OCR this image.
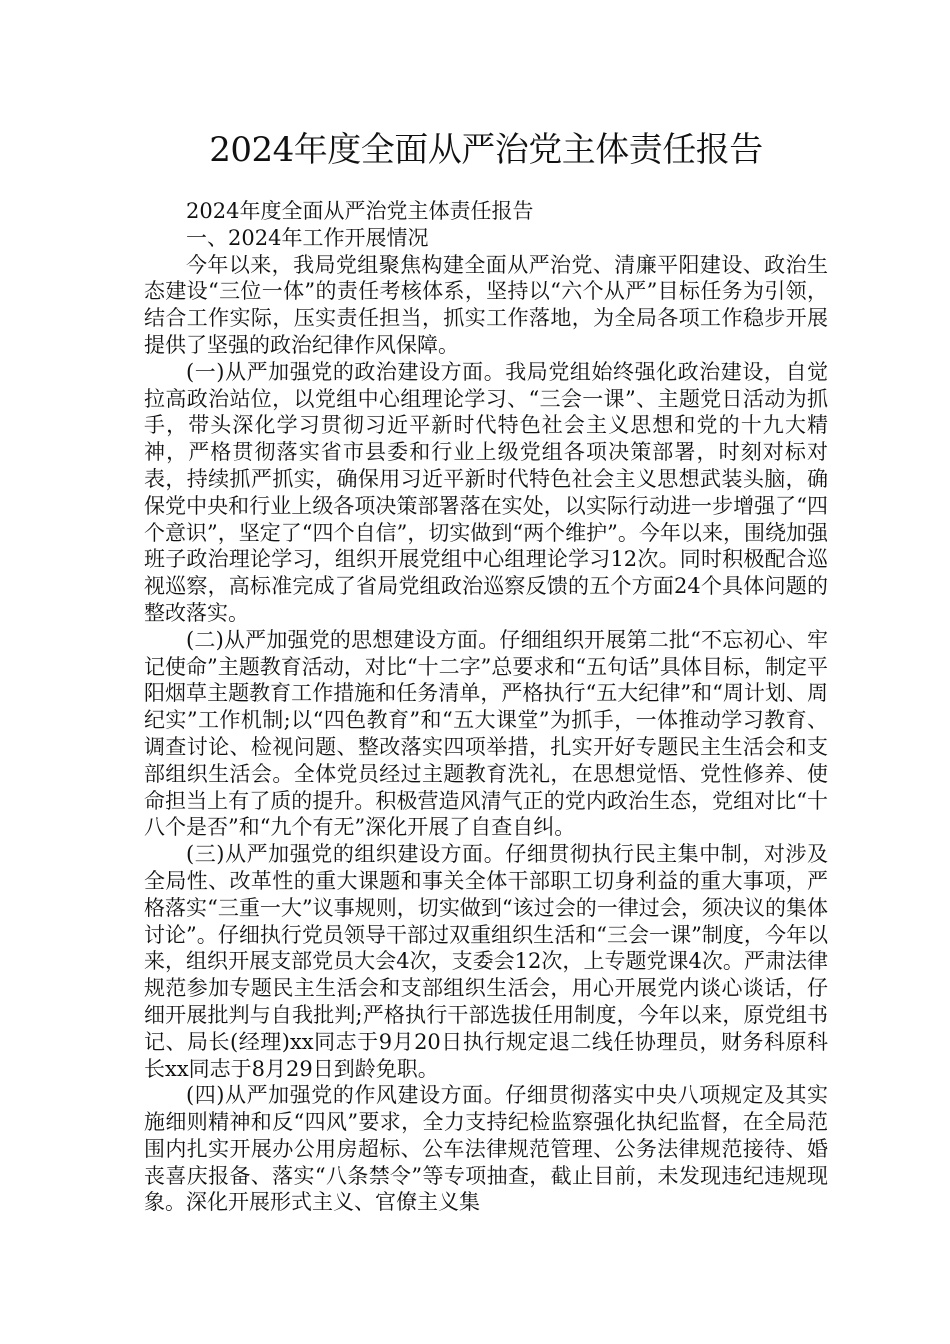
2024年度全面从严治党主体责任报告

2024年度全面从严治党主体责任报告

一、2024年工作开展情况

今年以来，我局党组聚焦构建全面从严治党、清廉平阳建设、政治生态建设“三位一体”的责任考核体系，坚持以“六个从严”目标任务为引领，结合工作实际，压实责任担当，抓实工作落地，为全局各项工作稳步开展提供了坚强的政治纪律作风保障。

(一)从严加强党的政治建设方面。我局党组始终强化政治建设，自觉拉高政治站位，以党组中心组理论学习、“三会一课”、主题党日活动为抓手，带头深化学习贯彻习近平新时代特色社会主义思想和党的十九大精神，严格贯彻落实省市县委和行业上级党组各项决策部署，时刻对标对表，持续抓严抓实，确保用习近平新时代特色社会主义思想武装头脑，确保党中央和行业上级各项决策部署落在实处，以实际行动进一步增强了“四个意识”，坚定了“四个自信”，切实做到“两个维护”。今年以来，围绕加强班子政治理论学习，组织开展党组中心组理论学习12次。同时积极配合巡视巡察，高标准完成了省局党组政治巡察反馈的五个方面24个具体问题的整改落实。

(二)从严加强党的思想建设方面。仔细组织开展第二批“不忘初心、牢记使命”主题教育活动，对比“十二字”总要求和“五句话”具体目标，制定平阳烟草主题教育工作措施和任务清单，严格执行“五大纪律”和“周计划、周纪实”工作机制;以“四色教育”和“五大课堂”为抓手，一体推动学习教育、调查讨论、检视问题、整改落实四项举措，扎实开好专题民主生活会和支部组织生活会。全体党员经过主题教育洗礼，在思想觉悟、党性修养、使命担当上有了质的提升。积极营造风清气正的党内政治生态，党组对比“十八个是否”和“九个有无”深化开展了自查自纠。

(三)从严加强党的组织建设方面。仔细贯彻执行民主集中制，对涉及全局性、改革性的重大课题和事关全体干部职工切身利益的重大事项，严格落实“三重一大”议事规则，切实做到“该过会的一律过会，须决议的集体讨论”。仔细执行党员领导干部过双重组织生活和“三会一课”制度，今年以来，组织开展支部党员大会4次，支委会12次，上专题党课4次。严肃法律规范参加专题民主生活会和支部组织生活会，用心开展党内谈心谈话，仔细开展批判与自我批判;严格执行干部选拔任用制度，今年以来，原党组书记、局长(经理)xx同志于9月20日执行规定退二线任协理员，财务科原科长xx同志于8月29日到龄免职。

(四)从严加强党的作风建设方面。仔细贯彻落实中央八项规定及其实施细则精神和反“四风”要求，全力支持纪检监察强化执纪监督，在全局范围内扎实开展办公用房超标、公车法律规范管理、公务法律规范接待、婚丧喜庆报备、落实“八条禁令”等专项抽查，截止目前，未发现违纪违规现象。深化开展形式主义、官僚主义集
